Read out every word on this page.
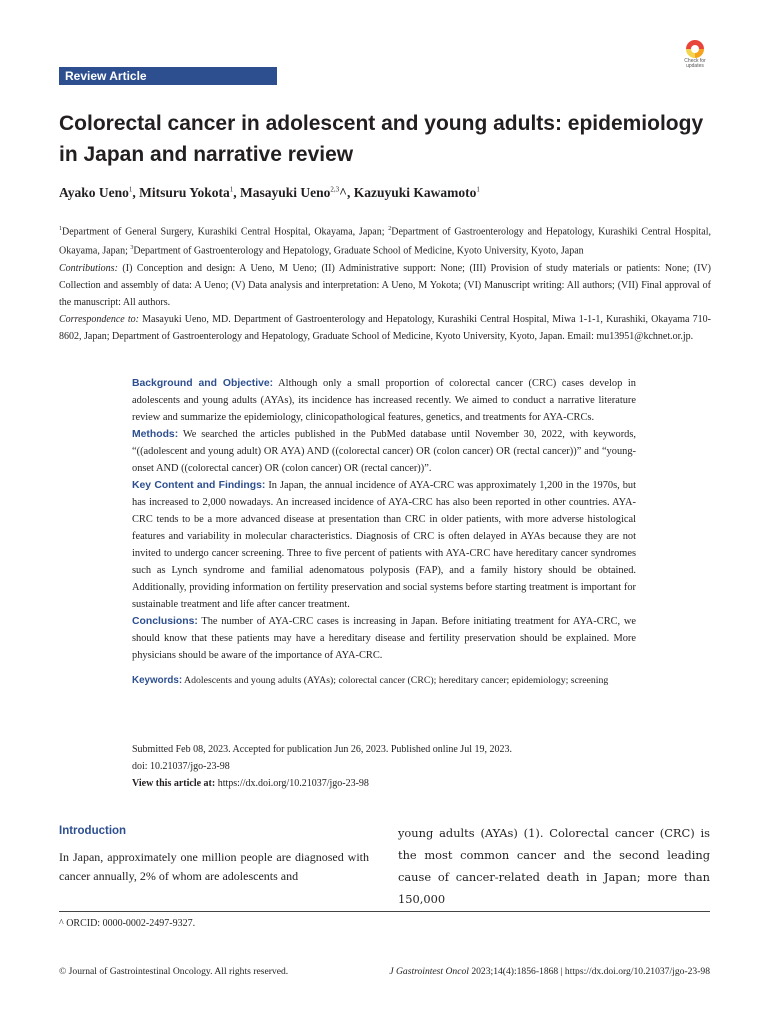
Review Article
Check for updates
Colorectal cancer in adolescent and young adults: epidemiology in Japan and narrative review
Ayako Ueno$^1$, Mitsuru Yokota$^1$, Masayuki Ueno$^{2,3}$^, Kazuyuki Kawamoto$^1$
$^1$Department of General Surgery, Kurashiki Central Hospital, Okayama, Japan; $^2$Department of Gastroenterology and Hepatology, Kurashiki Central Hospital, Okayama, Japan; $^3$Department of Gastroenterology and Hepatology, Graduate School of Medicine, Kyoto University, Kyoto, Japan
Contributions: (I) Conception and design: A Ueno, M Ueno; (II) Administrative support: None; (III) Provision of study materials or patients: None; (IV) Collection and assembly of data: A Ueno; (V) Data analysis and interpretation: A Ueno, M Yokota; (VI) Manuscript writing: All authors; (VII) Final approval of the manuscript: All authors.
Correspondence to: Masayuki Ueno, MD. Department of Gastroenterology and Hepatology, Kurashiki Central Hospital, Miwa 1-1-1, Kurashiki, Okayama 710-8602, Japan; Department of Gastroenterology and Hepatology, Graduate School of Medicine, Kyoto University, Kyoto, Japan. Email: mu13951@kchnet.or.jp.

Background and Objective: Although only a small proportion of colorectal cancer (CRC) cases develop in adolescents and young adults (AYAs), its incidence has increased recently. We aimed to conduct a narrative literature review and summarize the epidemiology, clinicopathological features, genetics, and treatments for AYA-CRCs.

Methods: We searched the articles published in the PubMed database until November 30, 2022, with keywords, “((adolescent and young adult) OR AYA) AND ((colorectal cancer) OR (colon cancer) OR (rectal cancer))” and “young-onset AND ((colorectal cancer) OR (colon cancer) OR (rectal cancer))”.

Key Content and Findings: In Japan, the annual incidence of AYA-CRC was approximately 1,200 in the 1970s, but has increased to 2,000 nowadays. An increased incidence of AYA-CRC has also been reported in other countries. AYA-CRC tends to be a more advanced disease at presentation than CRC in older patients, with more adverse histological features and variability in molecular characteristics. Diagnosis of CRC is often delayed in AYAs because they are not invited to undergo cancer screening. Three to five percent of patients with AYA-CRC have hereditary cancer syndromes such as Lynch syndrome and familial adenomatous polyposis (FAP), and a family history should be obtained. Additionally, providing information on fertility preservation and social systems before starting treatment is important for sustainable treatment and life after cancer treatment.

Conclusions: The number of AYA-CRC cases is increasing in Japan. Before initiating treatment for AYA-CRC, we should know that these patients may have a hereditary disease and fertility preservation should be explained. More physicians should be aware of the importance of AYA-CRC.

Keywords: Adolescents and young adults (AYAs); colorectal cancer (CRC); hereditary cancer; epidemiology; screening

Submitted Feb 08, 2023. Accepted for publication Jun 26, 2023. Published online Jul 19, 2023.
doi: 10.21037/jgo-23-98
View this article at: https://dx.doi.org/10.21037/jgo-23-98
Introduction
In Japan, approximately one million people are diagnosed with cancer annually, 2% of whom are adolescents and
young adults (AYAs) (1). Colorectal cancer (CRC) is the most common cancer and the second leading cause of cancer-related death in Japan; more than 150,000
^ ORCID: 0000-0002-2497-9327.
© Journal of Gastrointestinal Oncology. All rights reserved.	J Gastrointest Oncol 2023;14(4):1856-1868 | https://dx.doi.org/10.21037/jgo-23-98
